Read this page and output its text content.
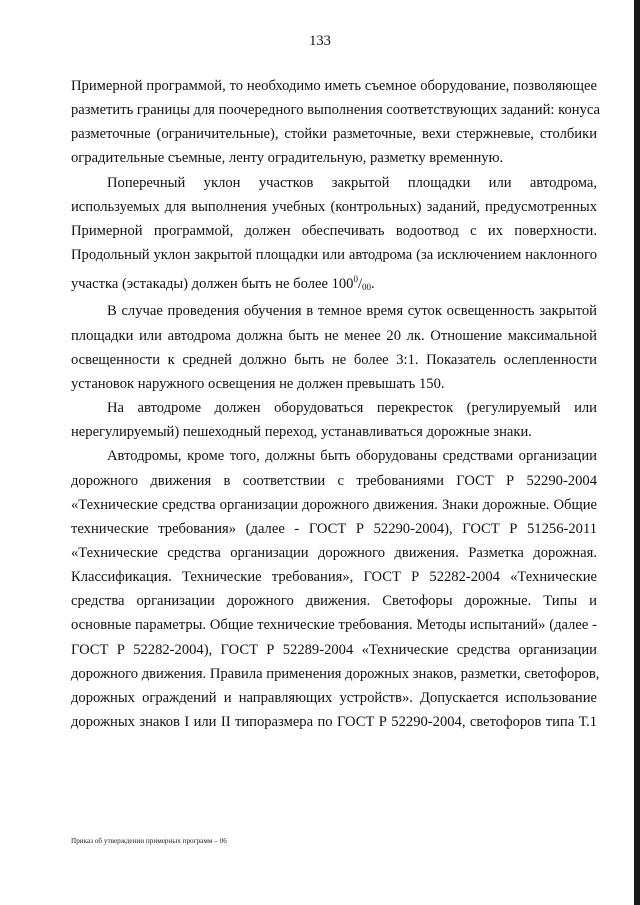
133

Примерной программой, то необходимо иметь съемное оборудование, позволяющее
разметить границы для поочередного выполнения соответствующих заданий: конуса
разметочные (ограничительные), стойки разметочные, вехи стержневые, столбики
оградительные съемные, ленту оградительную, разметку временную.

Поперечный уклон участков закрытой площадки или автодрома,
используемых для выполнения учебных (контрольных) заданий, предусмотренных
Примерной программой, должен обеспечивать водоотвод с их поверхности.
Продольный уклон закрытой площадки или автодрома (за исключением наклонного
участка (эстакады) должен быть не более $100^0/_{00}$.

В случае проведения обучения в темное время суток освещенность закрытой
площадки или автодрома должна быть не менее 20 лк. Отношение максимальной
освещенности к средней должно быть не более 3:1. Показатель ослепленности
установок наружного освещения не должен превышать 150.

На автодроме должен оборудоваться перекресток (регулируемый или
нерегулируемый) пешеходный переход, устанавливаться дорожные знаки.

Автодромы, кроме того, должны быть оборудованы средствами организации
дорожного движения в соответствии с требованиями ГОСТ Р 52290-2004
«Технические средства организации дорожного движения. Знаки дорожные. Общие
технические требования» (далее - ГОСТ Р 52290-2004), ГОСТ Р 51256-2011
«Технические средства организации дорожного движения. Разметка дорожная.
Классификация. Технические требования», ГОСТ Р 52282-2004 «Технические
средства организации дорожного движения. Светофоры дорожные. Типы и
основные параметры. Общие технические требования. Методы испытаний» (далее -
ГОСТ Р 52282-2004), ГОСТ Р 52289-2004 «Технические средства организации
дорожного движения. Правила применения дорожных знаков, разметки, светофоров,
дорожных ограждений и направляющих устройств». Допускается использование
дорожных знаков I или II типоразмера по ГОСТ Р 52290-2004, светофоров типа Т.1

Приказ об утверждении примерных программ – 06
